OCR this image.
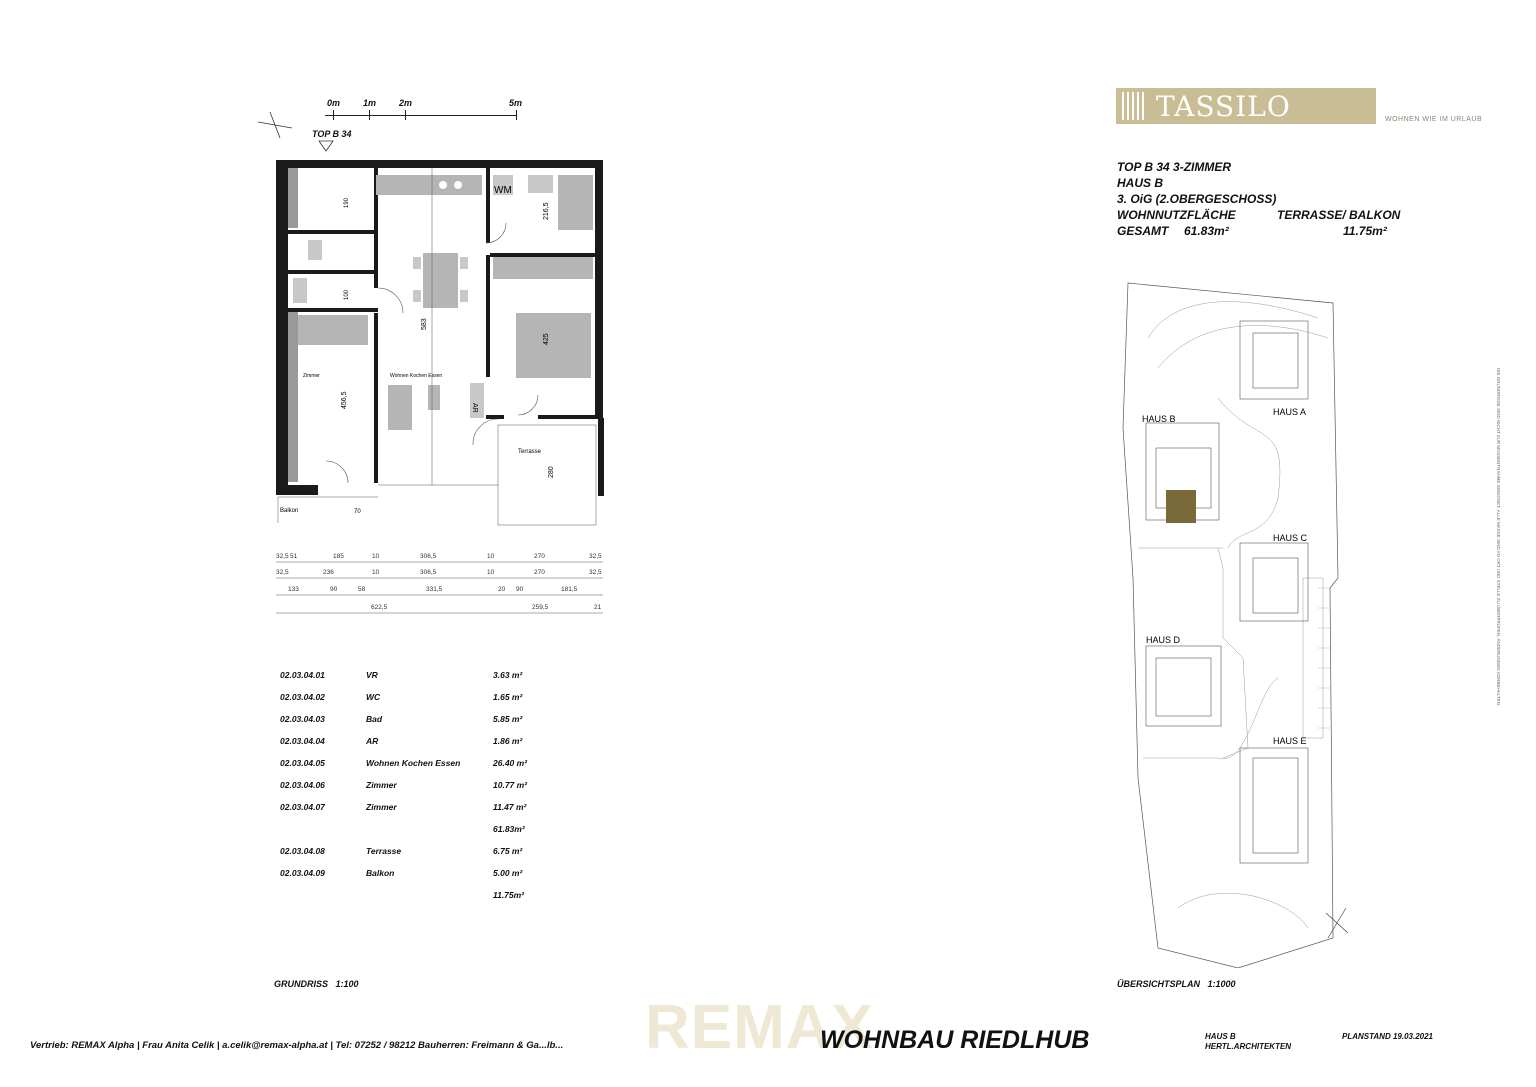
0m	1m	2m	5m
TOP B 34
WM
AR
Wohnen Kochen Essen
Zimmer
Terrasse
Balkon
583
425
456,5
216,5
280
190
100
70
32,5 51	185	10	306,5	10	270	32,5
32,5	236	10	306,5	10	270	32,5
133	90	58	331,5	20 90	181,5
622,5	259,5	21
02.03.04.01	VR	3.63 m²
02.03.04.02	WC	1.65 m²
02.03.04.03	Bad	5.85 m²
02.03.04.04	AR	1.86 m²
02.03.04.05	Wohnen Kochen Essen	26.40 m²
02.03.04.06	Zimmer	10.77 m²
02.03.04.07	Zimmer	11.47 m²
61.83m²
02.03.04.08	Terrasse	6.75 m²
02.03.04.09	Balkon	5.00 m²
11.75m²
GRUNDRISS   1:100
TASSILO VILLEN
WOHNEN WIE IM URLAUB
TOP B 34 3-ZIMMER
HAUS B
3. OiG (2.OBERGESCHOSS)
WOHNNUTZFLÄCHE	TERRASSE/ BALKON
GESAMT 61.83m²	11.75m²
HAUS A
HAUS B
HAUS C
HAUS D
HAUS E
ÜBERSICHTSPLAN   1:1000
DIE GRUNDRISSE SIND NICHT ZUR MASSENTNAHME GEEIGNET. ALLE MASSE SIND AN ORT UND STELLE ZU ÜBERPRÜFEN. ÄNDERUNGEN VORBEHALTEN.
REMAX
Vertrieb: REMAX Alpha | Frau Anita Celik | a.celik@remax-alpha.at | Tel: 07252 / 98212 Bauherren: Freimann & Ga...lb...	WOHNBAU RIEDLHUB	HAUS B
HERTL.ARCHITEKTEN
PLANSTAND 19.03.2021
